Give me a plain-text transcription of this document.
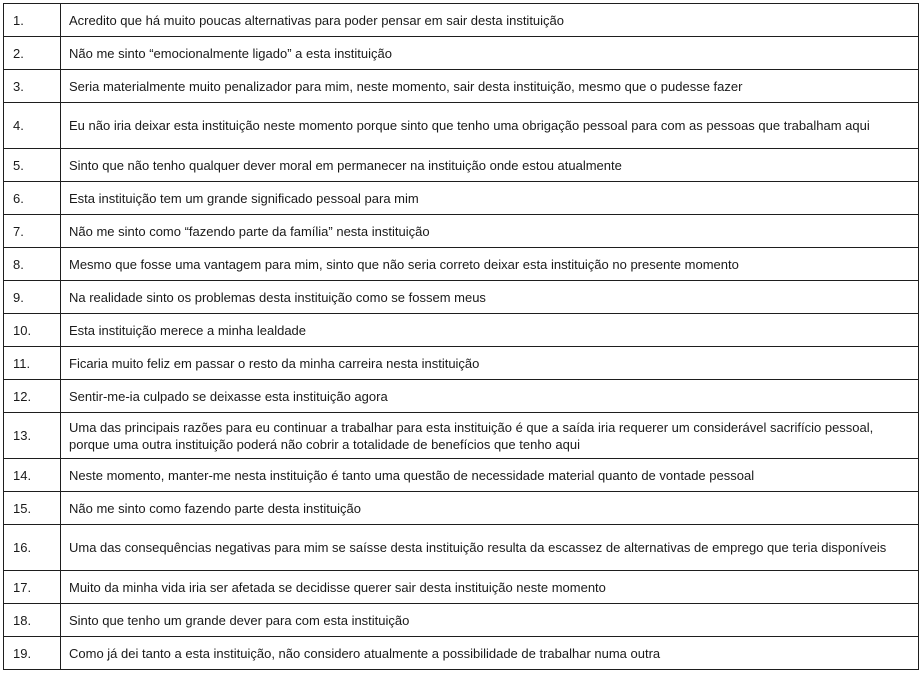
1.	Acredito que há muito poucas alternativas para poder pensar em sair desta instituição
2.	Não me sinto “emocionalmente ligado” a esta instituição
3.	Seria materialmente muito penalizador para mim, neste momento, sair desta instituição, mesmo que o pudesse fazer
4.	Eu não iria deixar esta instituição neste momento porque sinto que tenho uma obrigação pessoal para com as pessoas que trabalham aqui
5.	Sinto que não tenho qualquer dever moral em permanecer na instituição onde estou atualmente
6.	Esta instituição tem um grande significado pessoal para mim
7.	Não me sinto como “fazendo parte da família” nesta instituição
8.	Mesmo que fosse uma vantagem para mim, sinto que não seria correto deixar esta instituição no presente momento
9.	Na realidade sinto os problemas desta instituição como se fossem meus
10.	Esta instituição merece a minha lealdade
11.	Ficaria muito feliz em passar o resto da minha carreira nesta instituição
12.	Sentir-me-ia culpado se deixasse esta instituição agora
13.	Uma das principais razões para eu continuar a trabalhar para esta instituição é que a saída iria requerer um considerável sacrifício pessoal, porque uma outra instituição poderá não cobrir a totalidade de benefícios que tenho aqui
14.	Neste momento, manter-me nesta instituição é tanto uma questão de necessidade material quanto de vontade pessoal
15.	Não me sinto como fazendo parte desta instituição
16.	Uma das consequências negativas para mim se saísse desta instituição resulta da escassez de alternativas de emprego que teria disponíveis
17.	Muito da minha vida iria ser afetada se decidisse querer sair desta instituição neste momento
18.	Sinto que tenho um grande dever para com esta instituição
19.	Como já dei tanto a esta instituição, não considero atualmente a possibilidade de trabalhar numa outra
